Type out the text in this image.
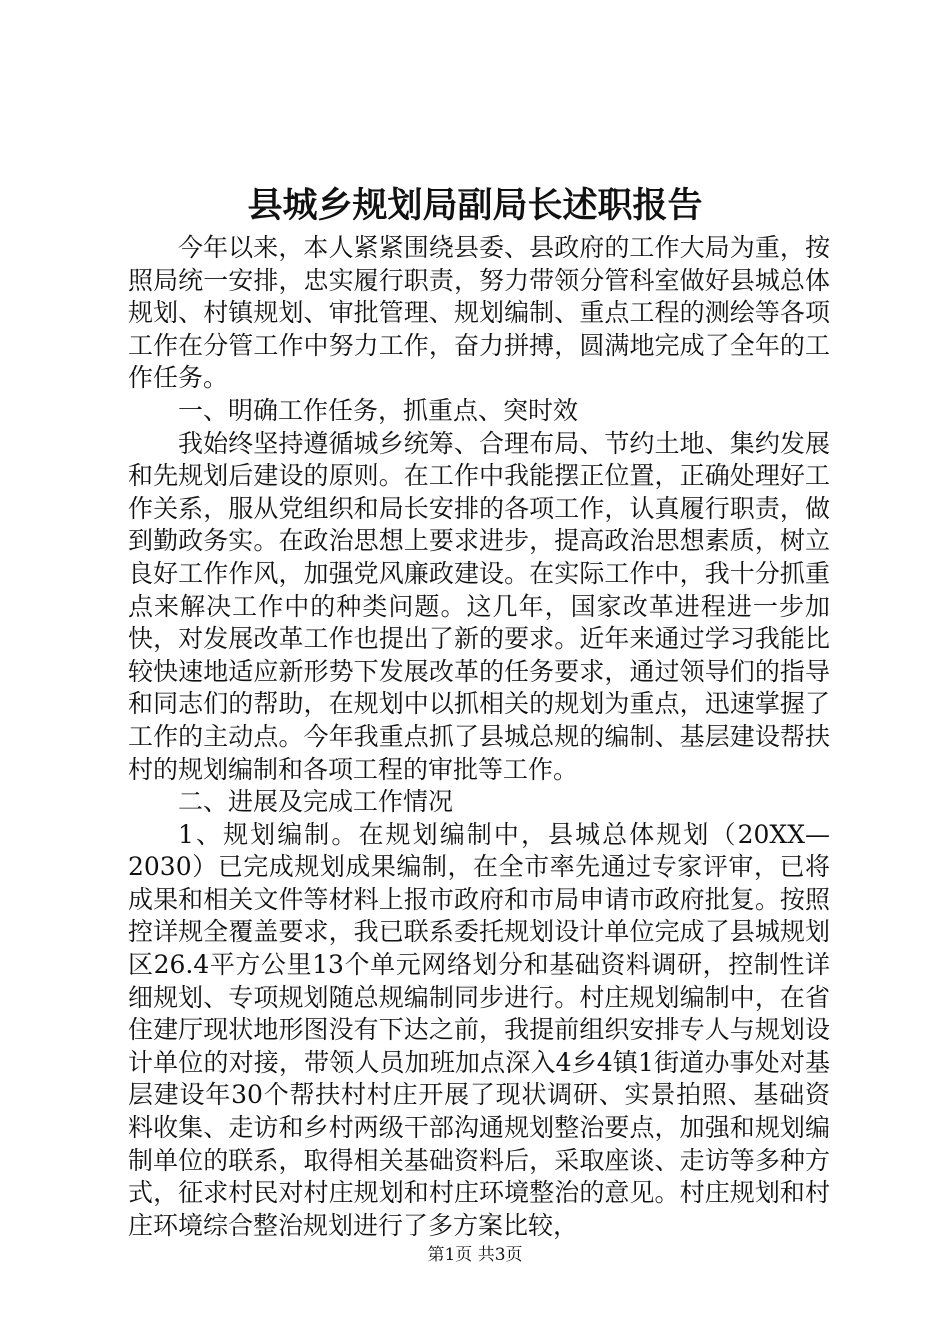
县城乡规划局副局长述职报告

今年以来，本人紧紧围绕县委、县政府的工作大局为重，按照局统一安排，忠实履行职责，努力带领分管科室做好县城总体规划、村镇规划、审批管理、规划编制、重点工程的测绘等各项工作在分管工作中努力工作，奋力拼搏，圆满地完成了全年的工作任务。

一、明确工作任务，抓重点、突时效

我始终坚持遵循城乡统筹、合理布局、节约土地、集约发展和先规划后建设的原则。在工作中我能摆正位置，正确处理好工作关系，服从党组织和局长安排的各项工作，认真履行职责，做到勤政务实。在政治思想上要求进步，提高政治思想素质，树立良好工作作风，加强党风廉政建设。在实际工作中，我十分抓重点来解决工作中的种类问题。这几年，国家改革进程进一步加快，对发展改革工作也提出了新的要求。近年来通过学习我能比较快速地适应新形势下发展改革的任务要求，通过领导们的指导和同志们的帮助，在规划中以抓相关的规划为重点，迅速掌握了工作的主动点。今年我重点抓了县城总规的编制、基层建设帮扶村的规划编制和各项工程的审批等工作。

二、进展及完成工作情况

1、规划编制。在规划编制中，县城总体规划（20XX—2030）已完成规划成果编制，在全市率先通过专家评审，已将成果和相关文件等材料上报市政府和市局申请市政府批复。按照控详规全覆盖要求，我已联系委托规划设计单位完成了县城规划区26.4平方公里13个单元网络划分和基础资料调研，控制性详细规划、专项规划随总规编制同步进行。村庄规划编制中，在省住建厅现状地形图没有下达之前，我提前组织安排专人与规划设计单位的对接，带领人员加班加点深入4乡4镇1街道办事处对基层建设年30个帮扶村村庄开展了现状调研、实景拍照、基础资料收集、走访和乡村两级干部沟通规划整治要点，加强和规划编制单位的联系，取得相关基础资料后，采取座谈、走访等多种方式，征求村民对村庄规划和村庄环境整治的意见。村庄规划和村庄环境综合整治规划进行了多方案比较，

第1页 共3页
